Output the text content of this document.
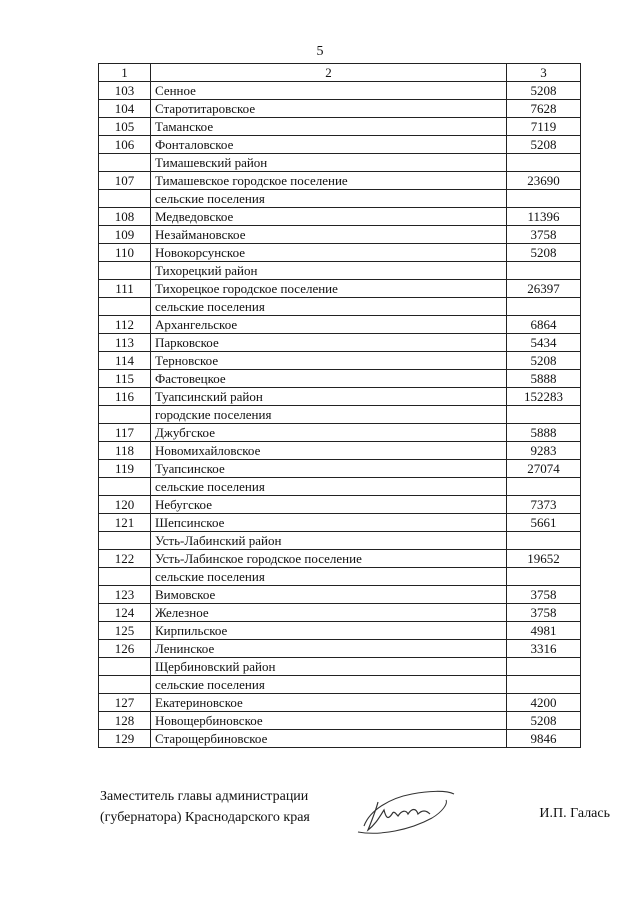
5
1	2	3
103	Сенное	5208
104	Старотитаровское	7628
105	Таманское	7119
106	Фонталовское	5208
	Тимашевский район	
107	Тимашевское городское поселение	23690
	сельские поселения	
108	Медведовское	11396
109	Незаймановское	3758
110	Новокорсунское	5208
	Тихорецкий район	
111	Тихорецкое городское поселение	26397
	сельские поселения	
112	Архангельское	6864
113	Парковское	5434
114	Терновское	5208
115	Фастовецкое	5888
116	Туапсинский район	152283
	городские поселения	
117	Джубгское	5888
118	Новомихайловское	9283
119	Туапсинское	27074
	сельские поселения	
120	Небугское	7373
121	Шепсинское	5661
	Усть-Лабинский район	
122	Усть-Лабинское городское поселение	19652
	сельские поселения	
123	Вимовское	3758
124	Железное	3758
125	Кирпильское	4981
126	Ленинское	3316
	Щербиновский район	
	сельские поселения	
127	Екатериновское	4200
128	Новощербиновское	5208
129	Старощербиновское	9846
Заместитель главы администрации
(губернатора) Краснодарского края	И.П. Галась
